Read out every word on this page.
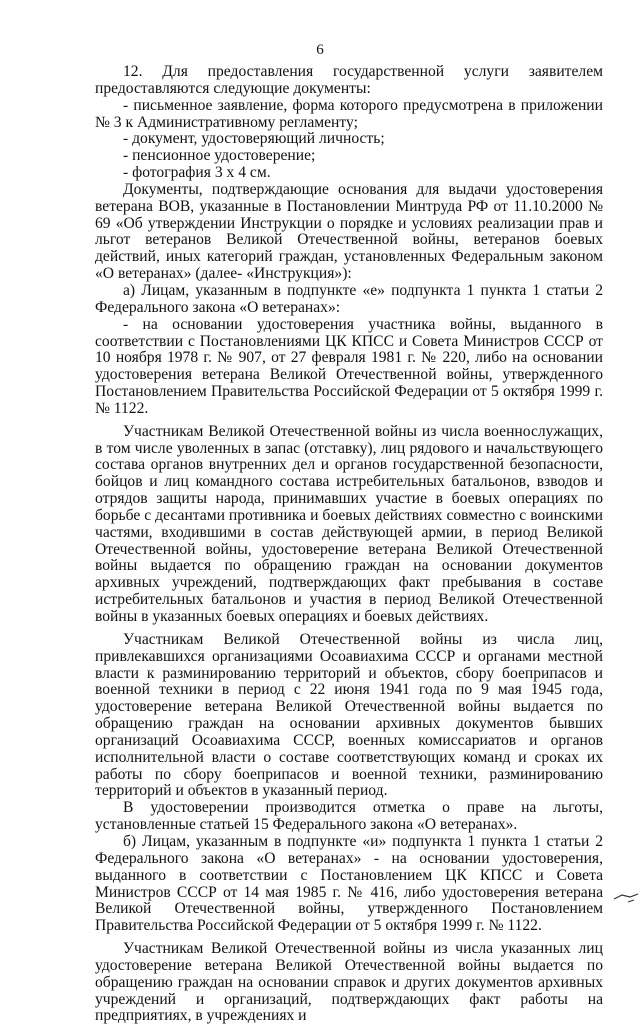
6

12. Для предоставления государственной услуги заявителем предоставляются следующие документы:

- письменное заявление, форма которого предусмотрена в приложении № 3 к Административному регламенту;

- документ, удостоверяющий личность;

- пенсионное удостоверение;

- фотография 3 х 4 см.

Документы, подтверждающие основания для выдачи удостоверения ветерана ВОВ, указанные в Постановлении Минтруда РФ от 11.10.2000 № 69 «Об утверждении Инструкции о порядке и условиях реализации прав и льгот ветеранов Великой Отечественной войны, ветеранов боевых действий, иных категорий граждан, установленных Федеральным законом «О ветеранах» (далее- «Инструкция»):

а) Лицам, указанным в подпункте «е» подпункта 1 пункта 1 статьи 2 Федерального закона «О ветеранах»:

- на основании удостоверения участника войны, выданного в соответствии с Постановлениями ЦК КПСС и Совета Министров СССР от 10 ноября 1978 г. № 907, от 27 февраля 1981 г. № 220, либо на основании удостоверения ветерана Великой Отечественной войны, утвержденного Постановлением Правительства Российской Федерации от 5 октября 1999 г. № 1122.

Участникам Великой Отечественной войны из числа военнослужащих, в том числе уволенных в запас (отставку), лиц рядового и начальствующего состава органов внутренних дел и органов государственной безопасности, бойцов и лиц командного состава истребительных батальонов, взводов и отрядов защиты народа, принимавших участие в боевых операциях по борьбе с десантами противника и боевых действиях совместно с воинскими частями, входившими в состав действующей армии, в период Великой Отечественной войны, удостоверение ветерана Великой Отечественной войны выдается по обращению граждан на основании документов архивных учреждений, подтверждающих факт пребывания в составе истребительных батальонов и участия в период Великой Отечественной войны в указанных боевых операциях и боевых действиях.

Участникам Великой Отечественной войны из числа лиц, привлекавшихся организациями Осоавиахима СССР и органами местной власти к разминированию территорий и объектов, сбору боеприпасов и военной техники в период с 22 июня 1941 года по 9 мая 1945 года, удостоверение ветерана Великой Отечественной войны выдается по обращению граждан на основании архивных документов бывших организаций Осоавиахима СССР, военных комиссариатов и органов исполнительной власти о составе соответствующих команд и сроках их работы по сбору боеприпасов и военной техники, разминированию территорий и объектов в указанный период.

В удостоверении производится отметка о праве на льготы, установленные статьей 15 Федерального закона «О ветеранах».

б) Лицам, указанным в подпункте «и» подпункта 1 пункта 1 статьи 2 Федерального закона «О ветеранах» - на основании удостоверения, выданного в соответствии с Постановлением ЦК КПСС и Совета Министров СССР от 14 мая 1985 г. № 416, либо удостоверения ветерана Великой Отечественной войны, утвержденного Постановлением Правительства Российской Федерации от 5 октября 1999 г. № 1122.

Участникам Великой Отечественной войны из числа указанных лиц удостоверение ветерана Великой Отечественной войны выдается по обращению граждан на основании справок и других документов архивных учреждений и организаций, подтверждающих факт работы на предприятиях, в учреждениях и
